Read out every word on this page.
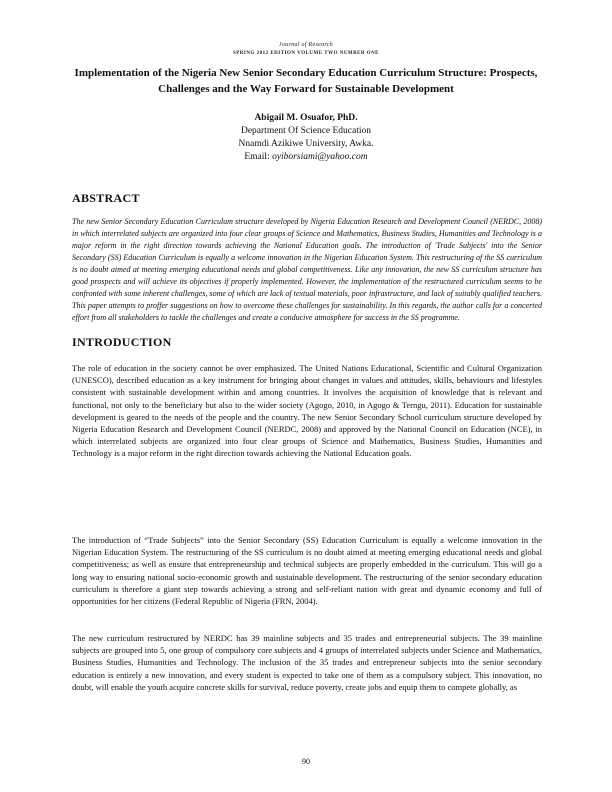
Journal of Research
SPRING 2012 EDITION VOLUME TWO NUMBER ONE
Implementation of the Nigeria New Senior Secondary Education Curriculum Structure: Prospects, Challenges and the Way Forward for Sustainable Development
Abigail M. Osuafor, PhD.
Department Of Science Education
Nnamdi Azikiwe University, Awka.
Email: oyiborsiami@yahoo.com
ABSTRACT

The new Senior Secondary Education Curriculum structure developed by Nigeria Education Research and Development Council (NERDC, 2008) in which interrelated subjects are organized into four clear groups of Science and Mathematics, Business Studies, Humanities and Technology is a major reform in the right direction towards achieving the National Education goals. The introduction of 'Trade Subjects' into the Senior Secondary (SS) Education Curriculum is equally a welcome innovation in the Nigerian Education System. This restructuring of the SS curriculum is no doubt aimed at meeting emerging educational needs and global competitiveness. Like any innovation, the new SS curriculum structure has good prospects and will achieve its objectives if properly implemented. However, the implementation of the restructured curriculum seems to be confronted with some inherent challenges, some of which are lack of textual materials, poor infrastructure, and lack of suitably qualified teachers. This paper attempts to proffer suggestions on how to overcome these challenges for sustainability. In this regards, the author calls for a concerted effort from all stakeholders to tackle the challenges and create a conducive atmosphere for success in the SS programme.

INTRODUCTION

The role of education in the society cannot be over emphasized. The United Nations Educational, Scientific and Cultural Organization (UNESCO), described education as a key instrument for bringing about changes in values and attitudes, skills, behaviours and lifestyles consistent with sustainable development within and among countries. It involves the acquisition of knowledge that is relevant and functional, not only to the beneficiary but also to the wider society (Agogo, 2010, in Agogo & Terngu, 2011). Education for sustainable development is geared to the needs of the people and the country. The new Senior Secondary School curriculum structure developed by Nigeria Education Research and Development Council (NERDC, 2008) and approved by the National Council on Education (NCE), in which interrelated subjects are organized into four clear groups of Science and Mathematics, Business Studies, Humanities and Technology is a major reform in the right direction towards achieving the National Education goals.

The introduction of “Trade Subjects” into the Senior Secondary (SS) Education Curriculum is equally a welcome innovation in the Nigerian Education System. The restructuring of the SS curriculum is no doubt aimed at meeting emerging educational needs and global competitiveness; as well as ensure that entrepreneurship and technical subjects are properly embedded in the curriculum. This will go a long way to ensuring national socio-economic growth and sustainable development. The restructuring of the senior secondary education curriculum is therefore a giant step towards achieving a strong and self-reliant nation with great and dynamic economy and full of opportunities for her citizens (Federal Republic of Nigeria (FRN, 2004).

The new curriculum restructured by NERDC has 39 mainline subjects and 35 trades and entrepreneurial subjects. The 39 mainline subjects are grouped into 5, one group of compulsory core subjects and 4 groups of interrelated subjects under Science and Mathematics, Business Studies, Humanities and Technology. The inclusion of the 35 trades and entrepreneur subjects into the senior secondary education is entirely a new innovation, and every student is expected to take one of them as a compulsory subject. This innovation, no doubt, will enable the youth acquire concrete skills for survival, reduce poverty, create jobs and equip them to compete globally, as

90
